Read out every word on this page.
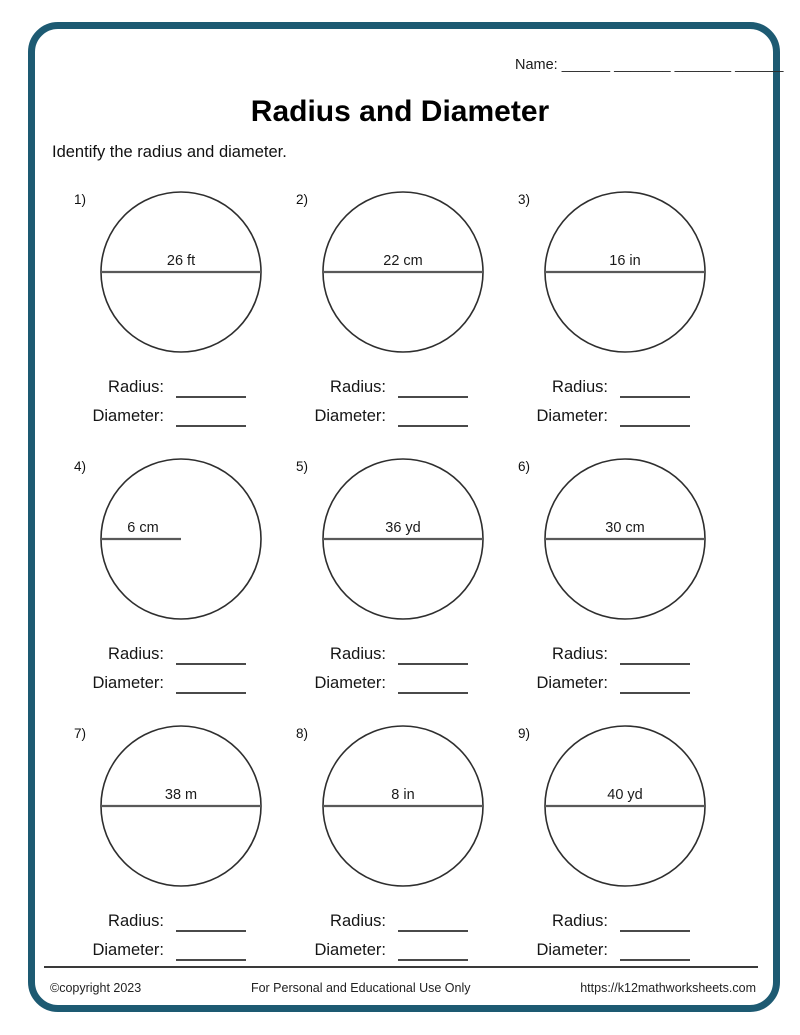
Name: ______ _______ _______ ______
Radius and Diameter
Identify the radius and diameter.
1)
26 ft
Radius:
Diameter:
2)
22 cm
Radius:
Diameter:
3)
16 in
Radius:
Diameter:
4)
6 cm
Radius:
Diameter:
5)
36 yd
Radius:
Diameter:
6)
30 cm
Radius:
Diameter:
7)
38 m
Radius:
Diameter:
8)
8 in
Radius:
Diameter:
9)
40 yd
Radius:
Diameter:
©copyright 2023	For Personal and Educational Use Only	https://k12mathworksheets.com
